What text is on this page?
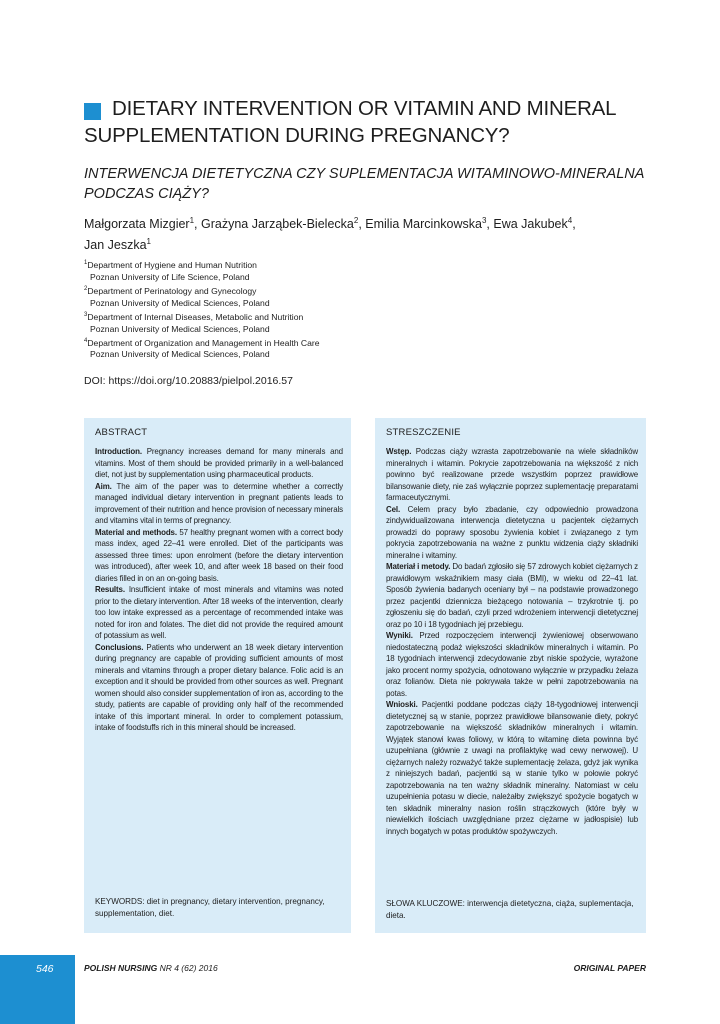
DIETARY INTERVENTION OR VITAMIN AND MINERAL SUPPLEMENTATION DURING PREGNANCY?
INTERWENCJA DIETETYCZNA CZY SUPLEMENTACJA WITAMINOWO-MINERALNA PODCZAS CIĄŻY?
Małgorzata Mizgier$^1$, Grażyna Jarząbek-Bielecka$^2$, Emilia Marcinkowska$^3$, Ewa Jakubek$^4$,
Jan Jeszka$^1$
$^1$Department of Hygiene and Human Nutrition
Poznan University of Life Science, Poland
$^2$Department of Perinatology and Gynecology
Poznan University of Medical Sciences, Poland
$^3$Department of Internal Diseases, Metabolic and Nutrition
Poznan University of Medical Sciences, Poland
$^4$Department of Organization and Management in Health Care
Poznan University of Medical Sciences, Poland
DOI: https://doi.org/10.20883/pielpol.2016.57
ABSTRACT

Introduction. Pregnancy increases demand for many minerals and vitamins. Most of them should be provided primarily in a well-balanced diet, not just by supplementation using pharmaceutical products.

Aim. The aim of the paper was to determine whether a correctly managed individual dietary intervention in pregnant patients leads to improvement of their nutrition and hence provision of necessary minerals and vitamins vital in terms of pregnancy.

Material and methods. 57 healthy pregnant women with a correct body mass index, aged 22–41 were enrolled. Diet of the participants was assessed three times: upon enrolment (before the dietary intervention was introduced), after week 10, and after week 18 based on their food diaries filled in on an on-going basis.

Results. Insufficient intake of most minerals and vitamins was noted prior to the dietary intervention. After 18 weeks of the intervention, clearly too low intake expressed as a percentage of recommended intake was noted for iron and folates. The diet did not provide the required amount of potassium as well.

Conclusions. Patients who underwent an 18 week dietary intervention during pregnancy are capable of providing sufficient amounts of most minerals and vitamins through a proper dietary balance. Folic acid is an exception and it should be provided from other sources as well. Pregnant women should also consider supplementation of iron as, according to the study, patients are capable of providing only half of the recommended intake of this important mineral. In order to complement potassium, intake of foodstuffs rich in this mineral should be increased.

KEYWORDS: diet in pregnancy, dietary intervention, pregnancy, supplementation, diet.
STRESZCZENIE

Wstęp. Podczas ciąży wzrasta zapotrzebowanie na wiele składników mineralnych i witamin. Pokrycie zapotrzebowania na większość z nich powinno być realizowane przede wszystkim poprzez prawidłowe bilansowanie diety, nie zaś wyłącznie poprzez suplementację preparatami farmaceutycznymi.

Cel. Celem pracy było zbadanie, czy odpowiednio prowadzona zindywidualizowana interwencja dietetyczna u pacjentek ciężarnych prowadzi do poprawy sposobu żywienia kobiet i związanego z tym pokrycia zapotrzebowania na ważne z punktu widzenia ciąży składniki mineralne i witaminy.

Materiał i metody. Do badań zgłosiło się 57 zdrowych kobiet ciężarnych z prawidłowym wskaźnikiem masy ciała (BMI), w wieku od 22–41 lat. Sposób żywienia badanych oceniany był – na podstawie prowadzonego przez pacjentki dziennicza bieżącego notowania – trzykrotnie tj. po zgłoszeniu się do badań, czyli przed wdrożeniem interwencji dietetycznej oraz po 10 i 18 tygodniach jej przebiegu.

Wyniki. Przed rozpoczęciem interwencji żywieniowej obserwowano niedostateczną podaż większości składników mineralnych i witamin. Po 18 tygodniach interwencji zdecydowanie zbyt niskie spożycie, wyrażone jako procent normy spożycia, odnotowano wyłącznie w przypadku żelaza oraz folianów. Dieta nie pokrywała także w pełni zapotrzebowania na potas.

Wnioski. Pacjentki poddane podczas ciąży 18-tygodniowej interwencji dietetycznej są w stanie, poprzez prawidłowe bilansowanie diety, pokryć zapotrzebowanie na większość składników mineralnych i witamin. Wyjątek stanowi kwas foliowy, w którą to witaminę dieta powinna być uzupełniana (głównie z uwagi na profilaktykę wad cewy nerwowej). U ciężarnych należy rozważyć także suplementację żelaza, gdyż jak wynika z niniejszych badań, pacjentki są w stanie tylko w połowie pokryć zapotrzebowania na ten ważny składnik mineralny. Natomiast w celu uzupełnienia potasu w diecie, należałby zwiększyć spożycie bogatych w ten składnik mineralny nasion roślin strączkowych (które były w niewielkich ilościach uwzględniane przez ciężarne w jadłospisie) lub innych bogatych w potas produktów spożywczych.

SŁOWA KLUCZOWE: interwencja dietetyczna, ciąża, suplementacja, dieta.
546	POLISH NURSING NR 4 (62) 2016	ORIGINAL PAPER
